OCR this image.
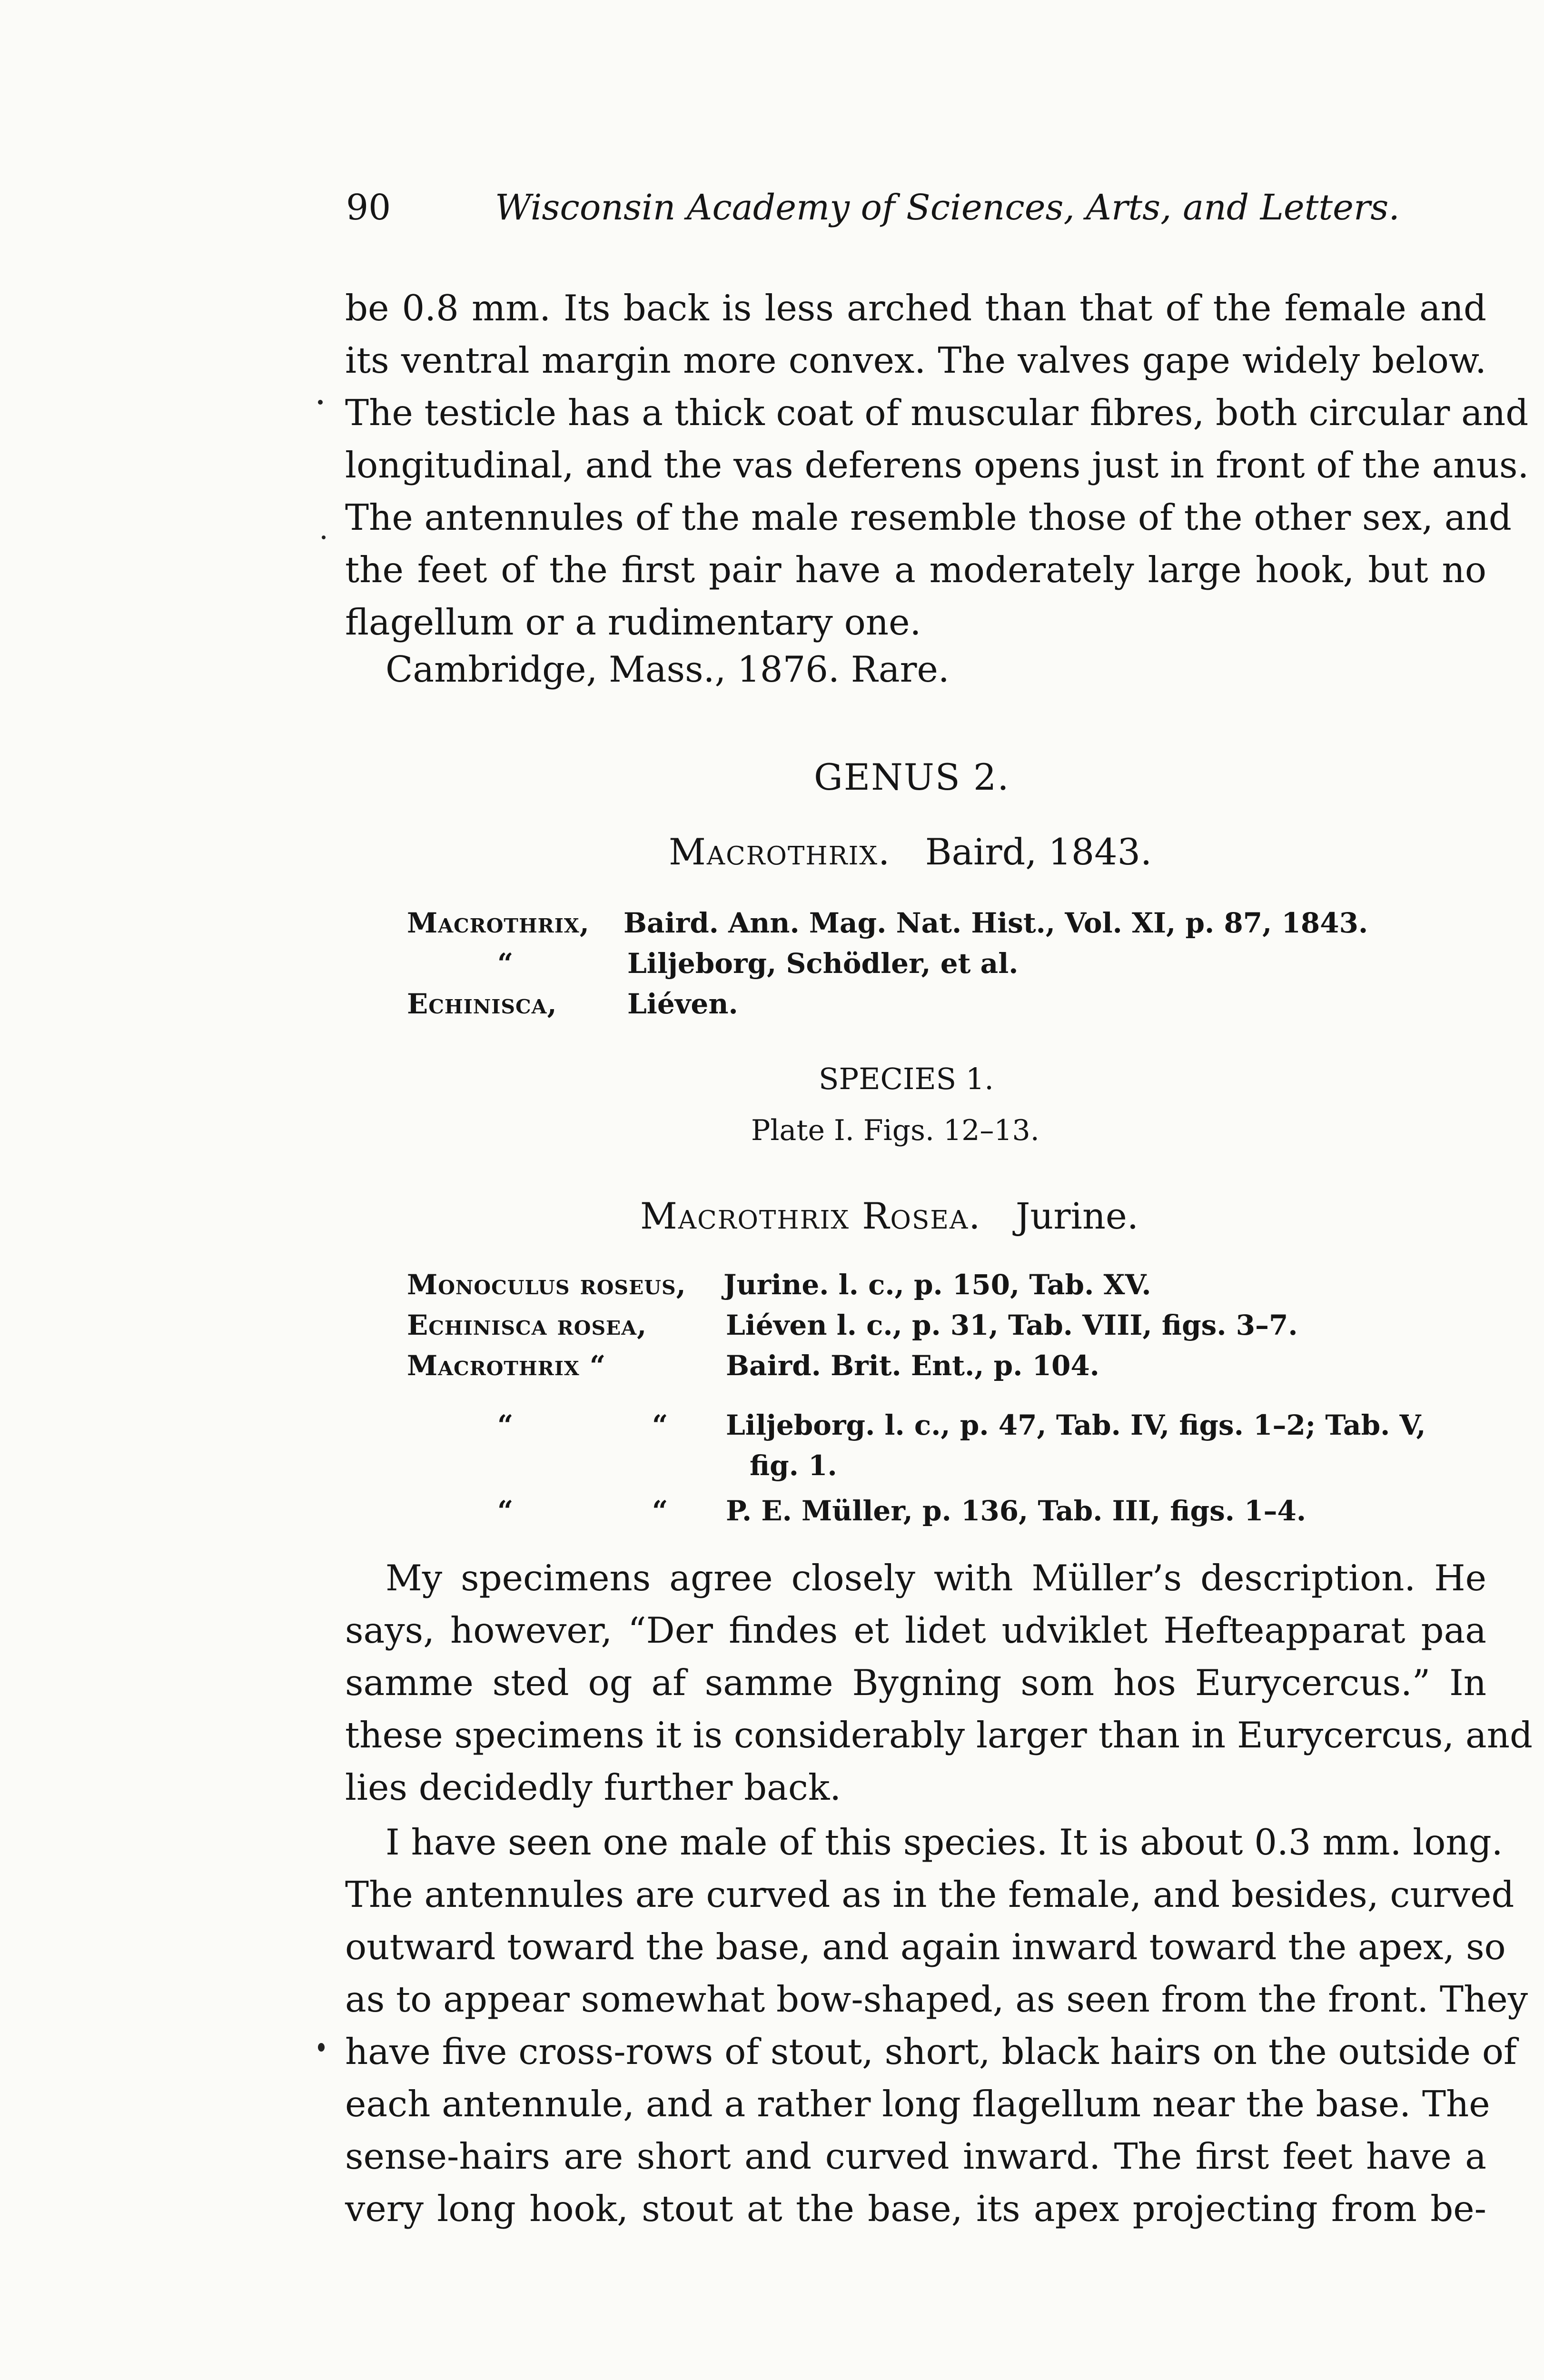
90	Wisconsin Academy of Sciences, Arts, and Letters.
be 0.8 mm. Its back is less arched than that of the female and
its ventral margin more convex. The valves gape widely below.
The testicle has a thick coat of muscular fibres, both circular and
longitudinal, and the vas deferens opens just in front of the anus.
The antennules of the male resemble those of the other sex, and
the feet of the first pair have a moderately large hook, but no
flagellum or a rudimentary one.
Cambridge, Mass., 1876. Rare.
GENUS 2.
Macrothrix. Baird, 1843.
Macrothrix, Baird. Ann. Mag. Nat. Hist., Vol. XI, p. 87, 1843.
“	Liljeborg, Schödler, et al.
Echinisca,	Liéven.
SPECIES 1.
Plate I. Figs. 12–13.
Macrothrix Rosea. Jurine.
Monoculus roseus, Jurine. l. c., p. 150, Tab. XV.
Echinisca rosea,	Liéven l. c., p. 31, Tab. VIII, figs. 3–7.
Macrothrix “	Baird. Brit. Ent., p. 104.
“	“ Liljeborg. l. c., p. 47, Tab. IV, figs. 1–2; Tab. V,
fig. 1.
“	“ P. E. Müller, p. 136, Tab. III, figs. 1–4.
My specimens agree closely with Müller’s description. He
says, however, “Der findes et lidet udviklet Hefteapparat paa
samme sted og af samme Bygning som hos Eurycercus.” In
these specimens it is considerably larger than in Eurycercus, and
lies decidedly further back.
I have seen one male of this species. It is about 0.3 mm. long.
The antennules are curved as in the female, and besides, curved
outward toward the base, and again inward toward the apex, so
as to appear somewhat bow-shaped, as seen from the front. They
have five cross-rows of stout, short, black hairs on the outside of
each antennule, and a rather long flagellum near the base. The
sense-hairs are short and curved inward. The first feet have a
very long hook, stout at the base, its apex projecting from be-
